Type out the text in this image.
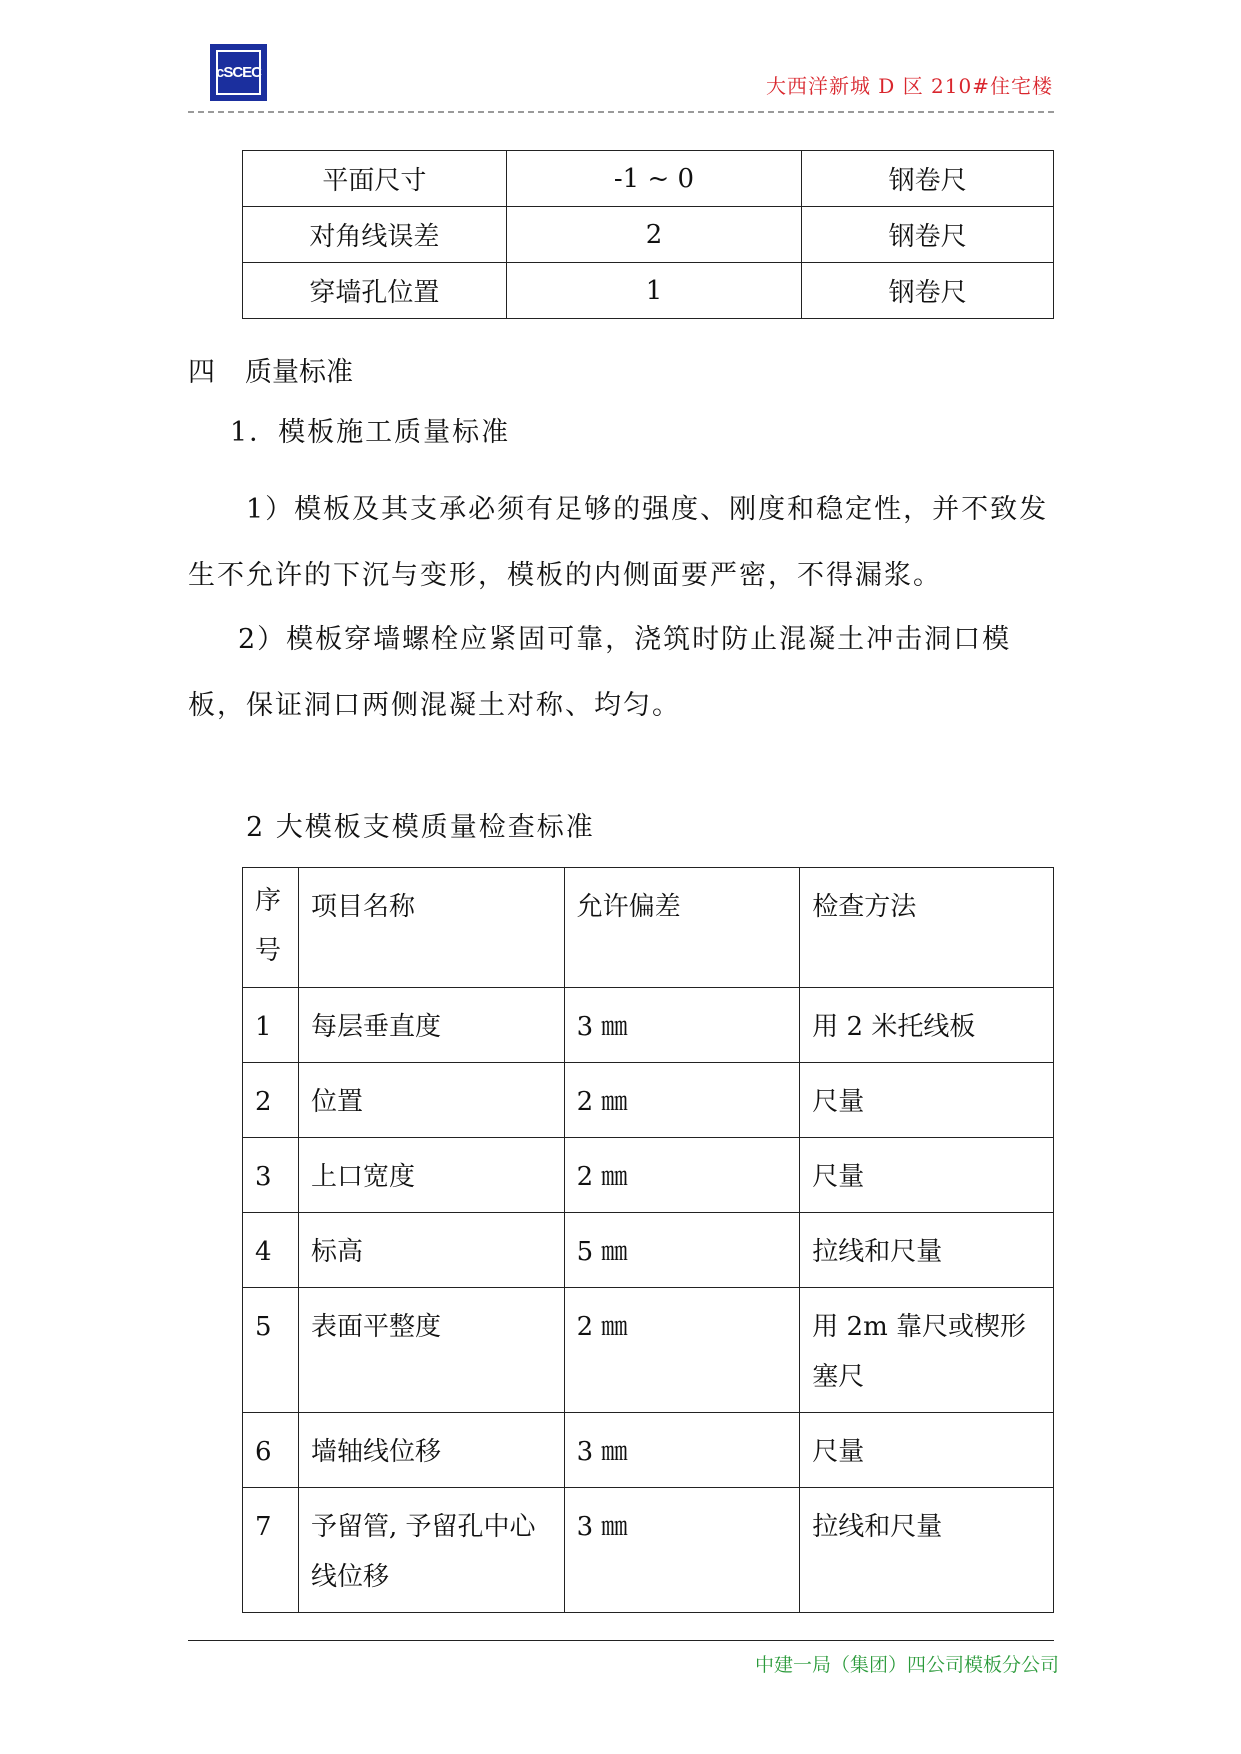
cSCEC
大西洋新城 D 区 210#住宅楼
平面尺寸	-1 ~ 0	钢卷尺
对角线误差	2	钢卷尺
穿墙孔位置	1	钢卷尺
四 质量标准
1．模板施工质量标准
1）模板及其支承必须有足够的强度、刚度和稳定性，并不致发生不允许的下沉与变形，模板的内侧面要严密，不得漏浆。
2）模板穿墙螺栓应紧固可靠，浇筑时防止混凝土冲击洞口模板，保证洞口两侧混凝土对称、均匀。
2 大模板支模质量检查标准
序号	项目名称	允许偏差	检查方法
1	每层垂直度	3 ㎜	用 2 米托线板
2	位置	2 ㎜	尺量
3	上口宽度	2 ㎜	尺量
4	标高	5 ㎜	拉线和尺量
5	表面平整度	2 ㎜	用 2m 靠尺或楔形塞尺
6	墙轴线位移	3 ㎜	尺量
7	予留管, 予留孔中心线位移	3 ㎜	拉线和尺量
中建一局（集团）四公司模板分公司
